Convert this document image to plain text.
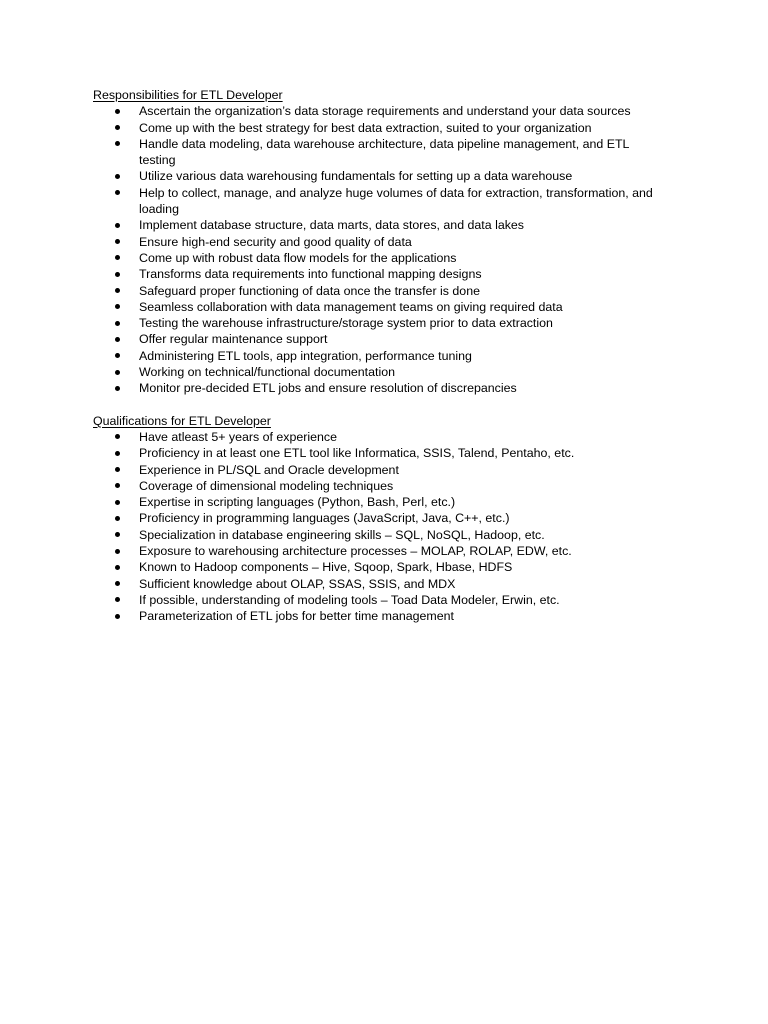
Responsibilities for ETL Developer

Ascertain the organization’s data storage requirements and understand your data sources
Come up with the best strategy for best data extraction, suited to your organization
Handle data modeling, data warehouse architecture, data pipeline management, and ETL testing
Utilize various data warehousing fundamentals for setting up a data warehouse
Help to collect, manage, and analyze huge volumes of data for extraction, transformation, and loading
Implement database structure, data marts, data stores, and data lakes
Ensure high-end security and good quality of data
Come up with robust data flow models for the applications
Transforms data requirements into functional mapping designs
Safeguard proper functioning of data once the transfer is done
Seamless collaboration with data management teams on giving required data
Testing the warehouse infrastructure/storage system prior to data extraction
Offer regular maintenance support
Administering ETL tools, app integration, performance tuning
Working on technical/functional documentation
Monitor pre-decided ETL jobs and ensure resolution of discrepancies

Qualifications for ETL Developer

Have atleast 5+ years of experience
Proficiency in at least one ETL tool like Informatica, SSIS, Talend, Pentaho, etc.
Experience in PL/SQL and Oracle development
Coverage of dimensional modeling techniques
Expertise in scripting languages (Python, Bash, Perl, etc.)
Proficiency in programming languages (JavaScript, Java, C++, etc.)
Specialization in database engineering skills – SQL, NoSQL, Hadoop, etc.
Exposure to warehousing architecture processes – MOLAP, ROLAP, EDW, etc.
Known to Hadoop components – Hive, Sqoop, Spark, Hbase, HDFS
Sufficient knowledge about OLAP, SSAS, SSIS, and MDX
If possible, understanding of modeling tools – Toad Data Modeler, Erwin, etc.
Parameterization of ETL jobs for better time management
